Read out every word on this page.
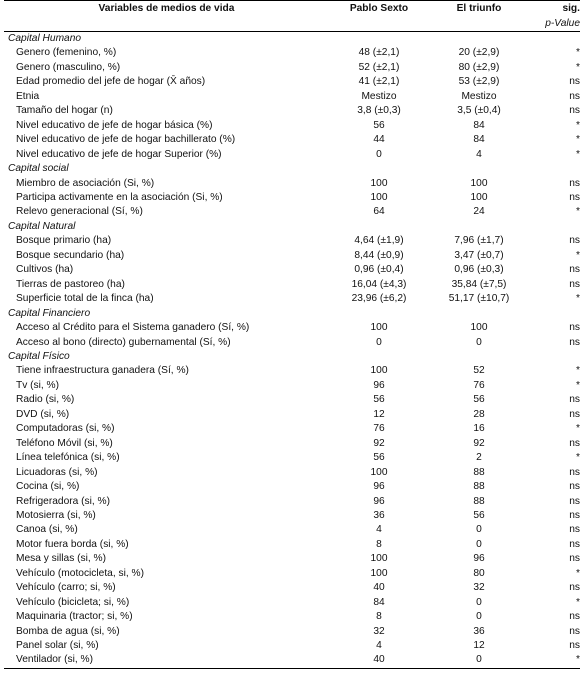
Variables de medios de vida	Pablo Sexto	El triunfo	sig.
			p-Value
Capital Humano			
Genero (femenino, %)	48 (±2,1)	20 (±2,9)	*
Genero (masculino, %)	52 (±2,1)	80 (±2,9)	*
Edad promedio del jefe de hogar (X̄ años)	41 (±2,1)	53 (±2,9)	ns
Etnia	Mestizo	Mestizo	ns
Tamaño del hogar (n)	3,8 (±0,3)	3,5 (±0,4)	ns
Nivel educativo de jefe de hogar básica (%)	56	84	*
Nivel educativo de jefe de hogar bachillerato (%)	44	84	*
Nivel educativo de jefe de hogar Superior (%)	0	4	*
Capital social			
Miembro de asociación (Si, %)	100	100	ns
Participa activamente en la asociación (Si, %)	100	100	ns
Relevo generacional (Sí, %)	64	24	*
Capital Natural			
Bosque primario (ha)	4,64 (±1,9)	7,96 (±1,7)	ns
Bosque secundario (ha)	8,44 (±0,9)	3,47 (±0,7)	*
Cultivos (ha)	0,96 (±0,4)	0,96 (±0,3)	ns
Tierras de pastoreo (ha)	16,04 (±4,3)	35,84 (±7,5)	ns
Superficie total de la finca (ha)	23,96 (±6,2)	51,17 (±10,7)	*
Capital Financiero			
Acceso al Crédito para el Sistema ganadero (Sí, %)	100	100	ns
Acceso al bono (directo) gubernamental (Sí, %)	0	0	ns
Capital Físico			
Tiene infraestructura ganadera (Sí, %)	100	52	*
Tv (si, %)	96	76	*
Radio (si, %)	56	56	ns
DVD (si, %)	12	28	ns
Computadoras (si, %)	76	16	*
Teléfono Móvil (si, %)	92	92	ns
Línea telefónica (si, %)	56	2	*
Licuadoras (si, %)	100	88	ns
Cocina (si, %)	96	88	ns
Refrigeradora (si, %)	96	88	ns
Motosierra (si, %)	36	56	ns
Canoa (si, %)	4	0	ns
Motor fuera borda (si, %)	8	0	ns
Mesa y sillas (si, %)	100	96	ns
Vehículo (motocicleta, si, %)	100	80	*
Vehículo (carro; si, %)	40	32	ns
Vehículo (bicicleta; si, %)	84	0	*
Maquinaria (tractor; si, %)	8	0	ns
Bomba de agua (si, %)	32	36	ns
Panel solar (si, %)	4	12	ns
Ventilador (si, %)	40	0	*
